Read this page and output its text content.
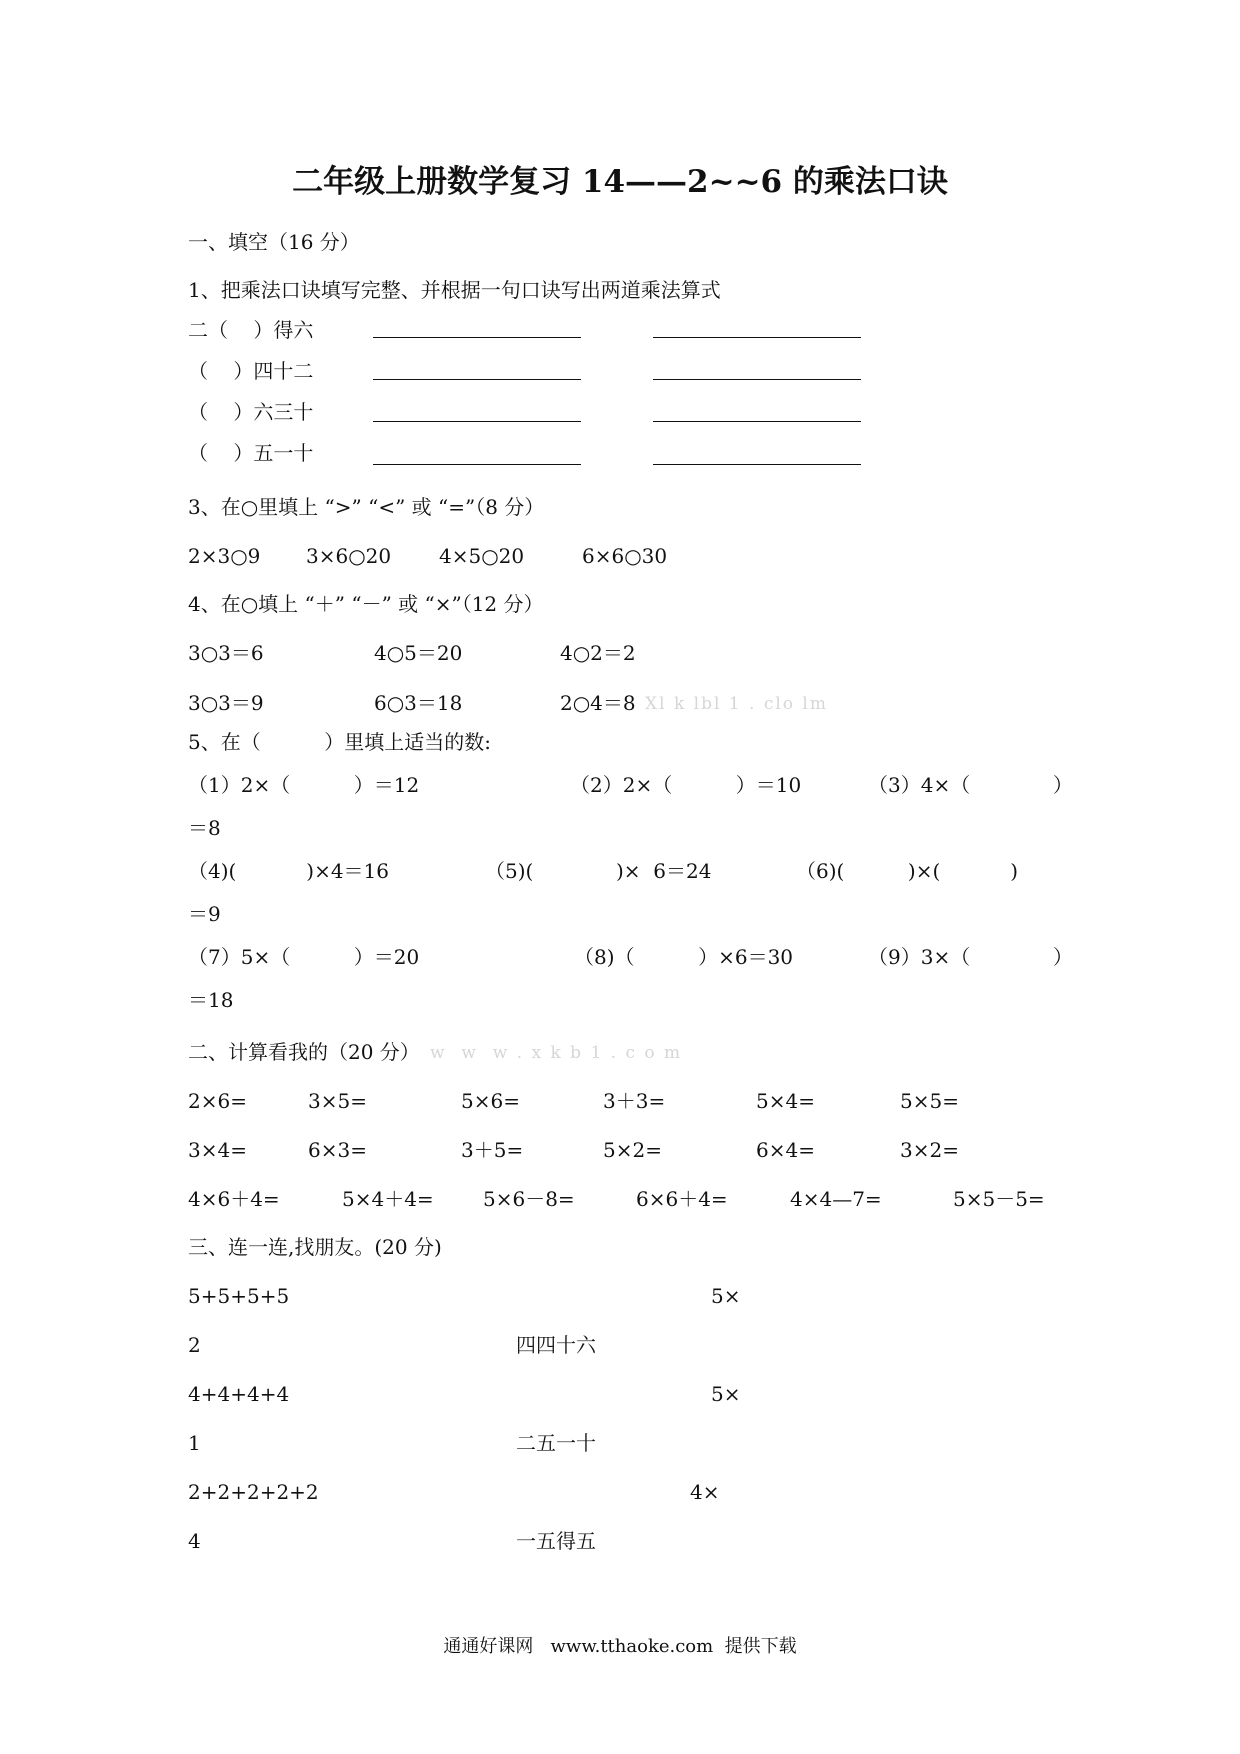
二年级上册数学复习 14——2~~6 的乘法口诀
一、填空（16 分）
1、把乘法口诀填写完整、并根据一句口诀写出两道乘法算式
二（    ）得六
（    ）四十二
（    ）六三十
（    ）五一十
3、在○里填上 “>” “<” 或 “=”（8 分）
2×3○9 3×6○20 4×5○20	6×6○30
4、在○填上 “＋” “－” 或 “×”（12 分）
3○3＝6	4○5＝20	4○2＝2
3○3＝9	6○3＝18	2○4＝8 Xl k lbl 1 . clo lm
5、在（          ）里填上适当的数:
（1）2×（          ）＝12	（2）2×（          ）＝10	（3）4×（             ）
＝8
（4)(           )×4＝16	（5)(             )×  6＝24	（6)(          )×(           )
＝9
（7）5×（          ）＝20	（8)（          ）×6＝30	（9）3×（             ）
＝18
二、计算看我的（20 分） w  w  w . x k b 1 . c o m
2×6=	3×5=	5×6=	3＋3=	5×4=	5×5=
3×4=	6×3=	3＋5=	5×2=	6×4=	3×2=
4×6＋4=	5×4＋4= 5×6－8=	6×6＋4=	4×4—7=	5×5－5=
三、连一连,找朋友。(20 分)
5+5+5+5	5×
2	四四十六
4+4+4+4	5×
1	二五一十
2+2+2+2+2	4×
4	一五得五
通通好课网   www.tthaoke.com  提供下载
